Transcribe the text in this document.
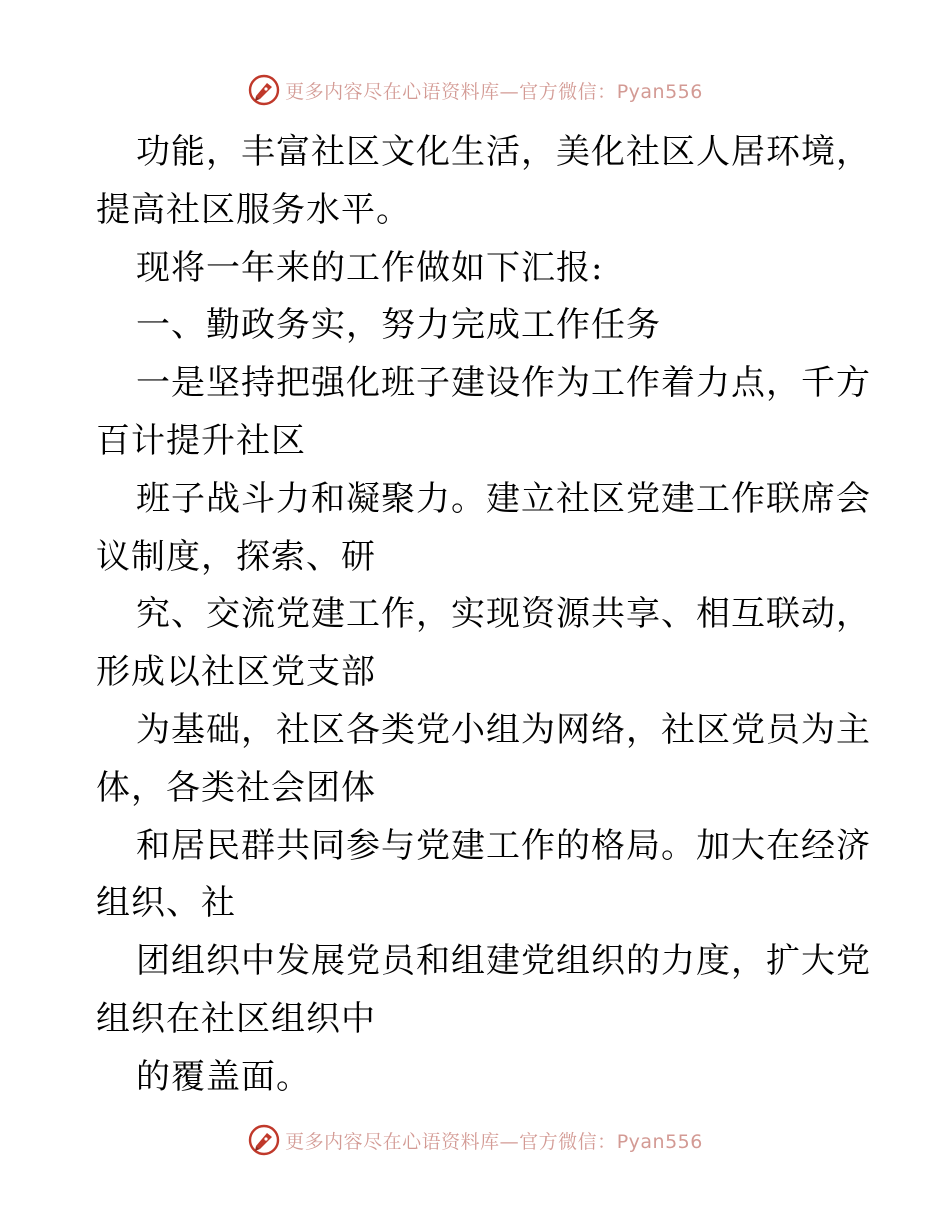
更多内容尽在心语资料库—官方微信：Pyan556
功能，丰富社区文化生活，美化社区人居环境，
提高社区服务水平。
现将一年来的工作做如下汇报:
一、勤政务实，努力完成工作任务
一是坚持把强化班子建设作为工作着力点，千方
百计提升社区
班子战斗力和凝聚力。建立社区党建工作联席会
议制度，探索、研
究、交流党建工作，实现资源共享、相互联动，
形成以社区党支部
为基础，社区各类党小组为网络，社区党员为主
体，各类社会团体
和居民群共同参与党建工作的格局。加大在经济
组织、社
团组织中发展党员和组建党组织的力度，扩大党
组织在社区组织中
的覆盖面。
更多内容尽在心语资料库—官方微信：Pyan556
